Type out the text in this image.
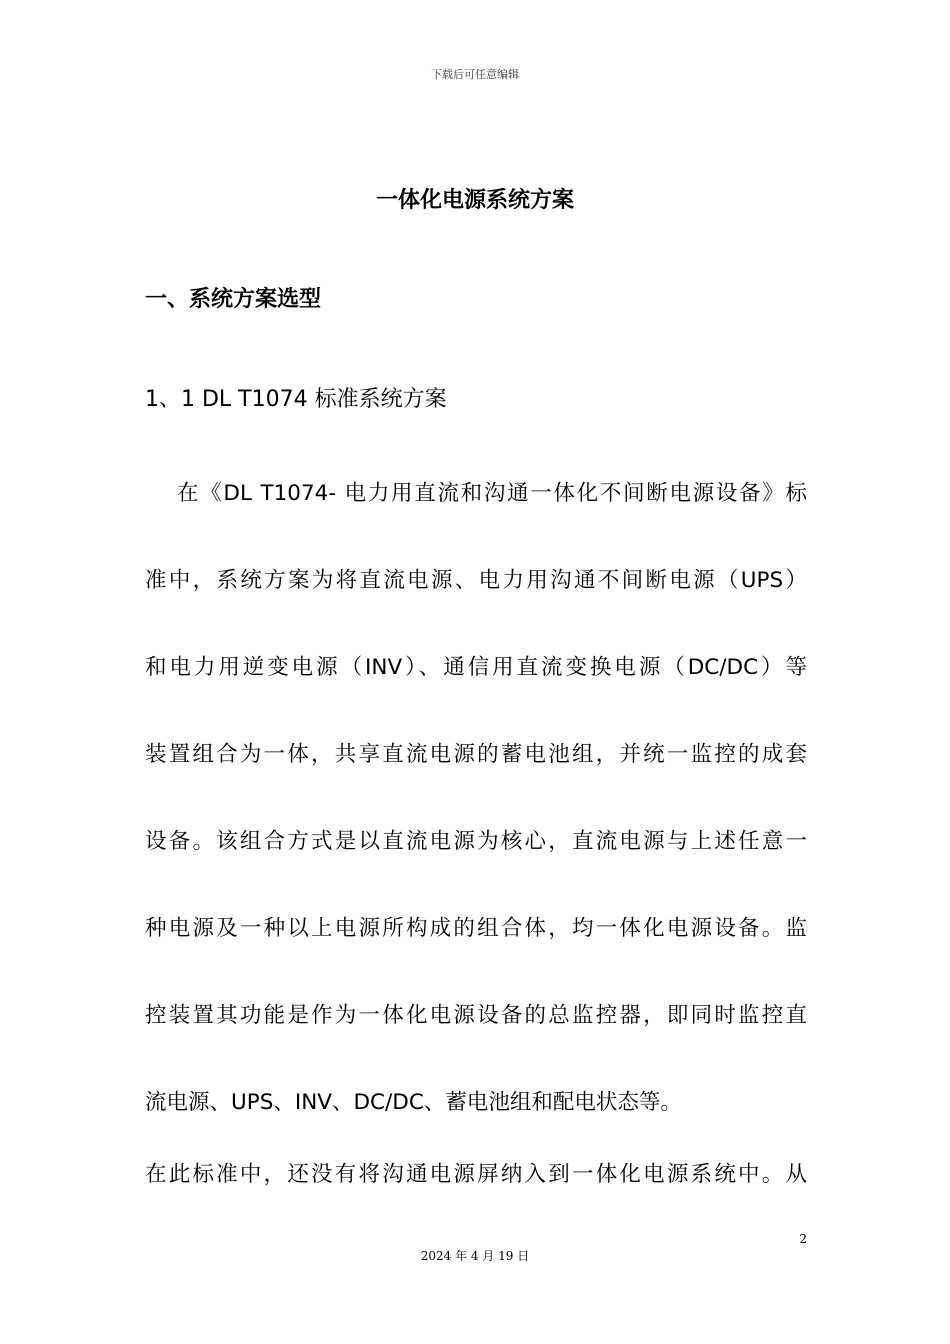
下载后可任意编辑
一体化电源系统方案
一、系统方案选型
1、1 DL T1074 标准系统方案
在《DL T1074- 电力用直流和沟通一体化不间断电源设备》标
准中，系统方案为将直流电源、电力用沟通不间断电源（UPS）
和电力用逆变电源（INV）、通信用直流变换电源（DC/DC）等
装置组合为一体，共享直流电源的蓄电池组，并统一监控的成套
设备。该组合方式是以直流电源为核心，直流电源与上述任意一
种电源及一种以上电源所构成的组合体，均一体化电源设备。监
控装置其功能是作为一体化电源设备的总监控器，即同时监控直
流电源、UPS、INV、DC/DC、蓄电池组和配电状态等。
在此标准中，还没有将沟通电源屏纳入到一体化电源系统中。从
2
2024 年 4 月 19 日
